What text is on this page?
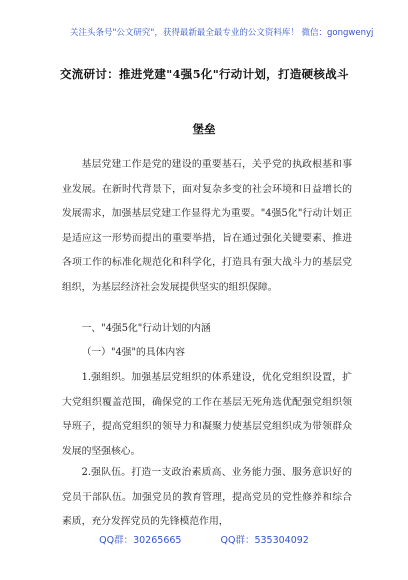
关注头条号"公文研究"，获得最新最全最专业的公文资料库！ 微信：gongwenyj
交流研讨：推进党建"4强5化"行动计划，打造硬核战斗
堡垒
基层党建工作是党的建设的重要基石，关乎党的执政根基和事业发展。在新时代背景下，面对复杂多变的社会环境和日益增长的发展需求，加强基层党建工作显得尤为重要。"4强5化"行动计划正是适应这一形势而提出的重要举措，旨在通过强化关键要素、推进各项工作的标准化规范化和科学化，打造具有强大战斗力的基层党组织，为基层经济社会发展提供坚实的组织保障。
一、"4强5化"行动计划的内涵
（一）"4强"的具体内容
1.强组织。加强基层党组织的体系建设，优化党组织设置，扩大党组织覆盖范围，确保党的工作在基层无死角选优配强党组织领导班子，提高党组织的领导力和凝聚力使基层党组织成为带领群众发展的坚强核心。
2.强队伍。打造一支政治素质高、业务能力强、服务意识好的党员干部队伍。加强党员的教育管理，提高党员的党性修养和综合素质，充分发挥党员的先锋模范作用，
QQ群：30265665	QQ群：535304092
